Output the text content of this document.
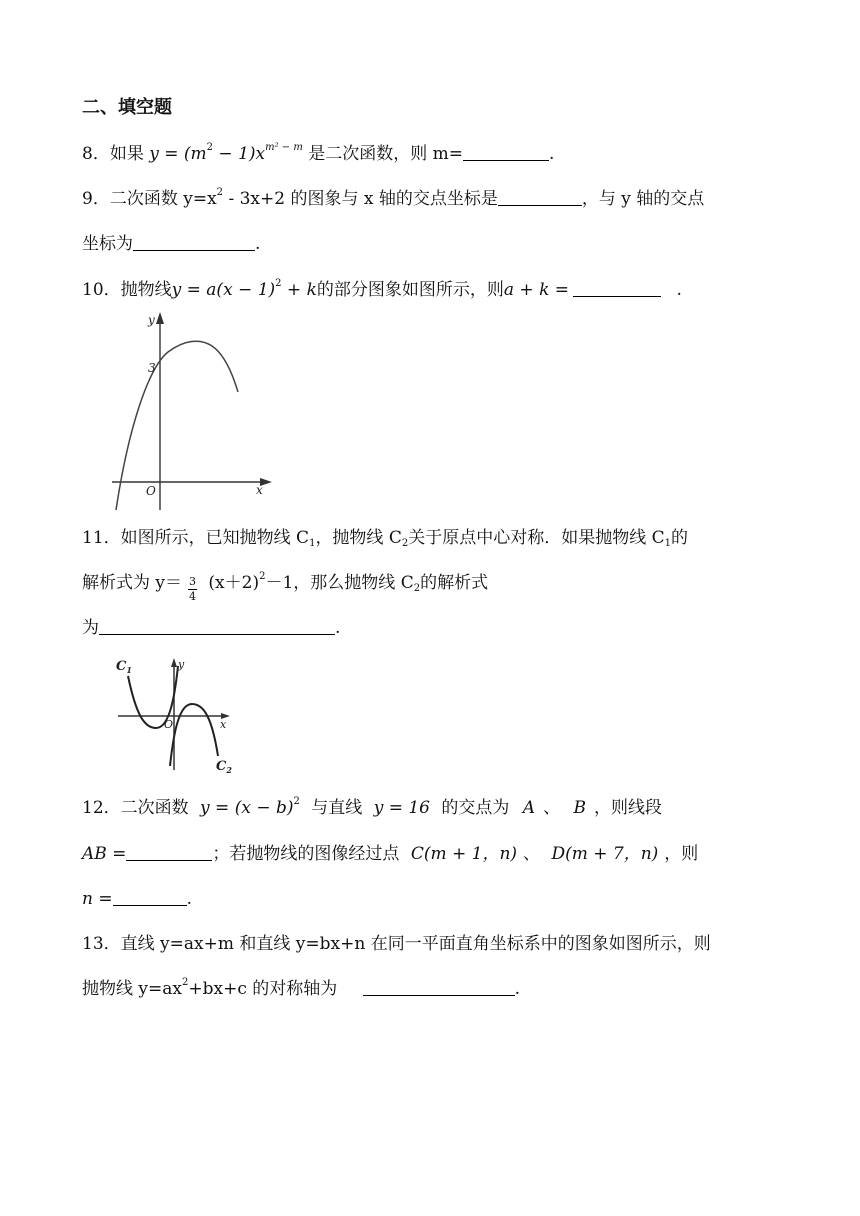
二、填空题
8．如果 $y = (m^2 - 1)x^{m^2 - m}$ 是二次函数，则 m=	.
9．二次函数 $y=x^2 - 3x+2$ 的图象与 x 轴的交点坐标是	，与 y 轴的交点
坐标为	.
10．抛物线$y = a(x - 1)^2 + k$的部分图象如图所示，则a + k =	.
y
x
O
3
11．如图所示，已知抛物线 $C_1$，抛物线 $C_2$关于原点中心对称．如果抛物线 $C_1$的
解析式为 $y= \frac{3}{4} (x+2)^2-1$，那么抛物线 $C_2$的解析式
为	.
$C_1$
$C_2$
y
x
O
12．二次函数 $y = (x - b)^2$ 与直线 y = 16 的交点为 A 、 B ，则线段
AB =	；若抛物线的图像经过点 C(m + 1，n) 、 D(m + 7，n) ，则
n =	.
13．直线 y=ax+m 和直线 y=bx+n 在同一平面直角坐标系中的图象如图所示，则
抛物线 $y=ax^2+bx+c$ 的对称轴为	.
